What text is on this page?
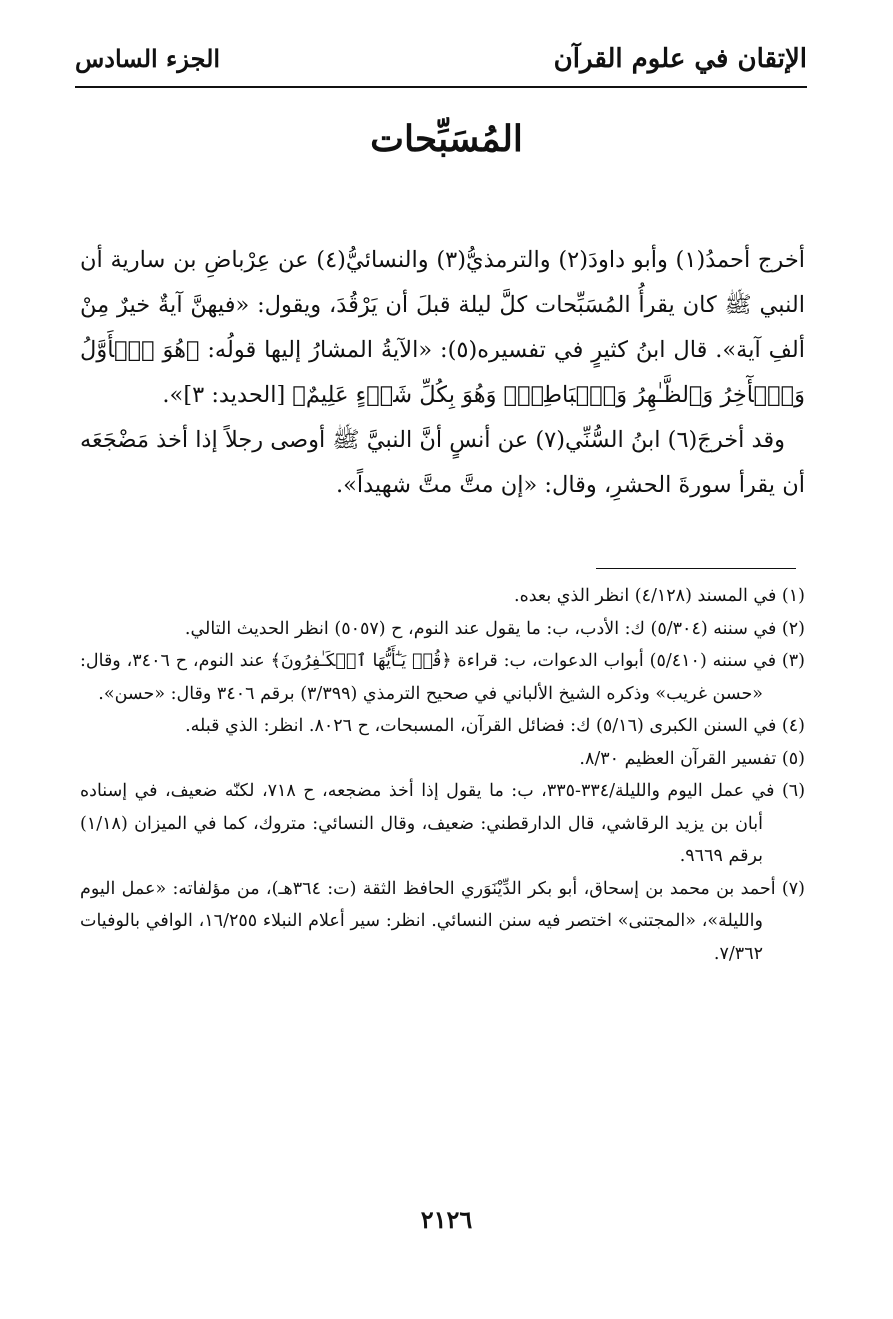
الإتقان في علوم القرآن
الجزء السادس
المُسَبِّحات

أخرج أحمدُ(١) وأبو داودَ(٢) والترمذيُّ(٣) والنسائيُّ(٤) عن عِرْباضِ بن سارية أن النبي ﷺ كان يقرأُ المُسَبِّحات كلَّ ليلة قبلَ أن يَرْقُدَ، ويقول: «فيهنَّ آيةٌ خيرٌ مِنْ ألفِ آية». قال ابنُ كثيرٍ في تفسيره(٥): «الآيةُ المشارُ إليها قولُه: ﴿هُوَ ٱلۡأَوَّلُ وَٱلۡأٓخِرُ وَٱلظَّـٰهِرُ وَٱلۡبَاطِنُۖ وَهُوَ بِكُلِّ شَيۡءٍ عَلِيمٌ﴾ [الحديد: ٣]».

وقد أخرجَ(٦) ابنُ السُّنِّي(٧) عن أنسٍ أنَّ النبيَّ ﷺ أوصى رجلاً إذا أخذ مَضْجَعَه أن يقرأ سورةَ الحشرِ، وقال: «إن متَّ متَّ شهيداً».

(١) في المسند (٤/١٢٨) انظر الذي بعده.

(٢) في سننه (٥/٣٠٤) ك: الأدب، ب: ما يقول عند النوم، ح (٥٠٥٧) انظر الحديث التالي.

(٣) في سننه (٥/٤١٠) أبواب الدعوات، ب: قراءة ﴿قُلۡ يَـٰٓأَيُّهَا ٱلۡكَـٰفِرُونَ﴾ عند النوم، ح ٣٤٠٦، وقال: «حسن غريب» وذكره الشيخ الألباني في صحيح الترمذي (٣/٣٩٩) برقم ٣٤٠٦ وقال: «حسن».

(٤) في السنن الكبرى (٥/١٦) ك: فضائل القرآن، المسبحات، ح ٨٠٢٦. انظر: الذي قبله.

(٥) تفسير القرآن العظيم ٨/٣٠.

(٦) في عمل اليوم والليلة/٣٣٤-٣٣٥، ب: ما يقول إذا أخذ مضجعه، ح ٧١٨، لكنّه ضعيف، في إسناده أبان بن يزيد الرقاشي، قال الدارقطني: ضعيف، وقال النسائي: متروك، كما في الميزان (١/١٨) برقم ٩٦٦٩.

(٧) أحمد بن محمد بن إسحاق، أبو بكر الدِّيْنَوَري الحافظ الثقة (ت: ٣٦٤هـ)، من مؤلفاته: «عمل اليوم والليلة»، «المجتنى» اختصر فيه سنن النسائي. انظر: سير أعلام النبلاء ١٦/٢٥٥، الوافي بالوفيات ٧/٣٦٢.

٢١٢٦
